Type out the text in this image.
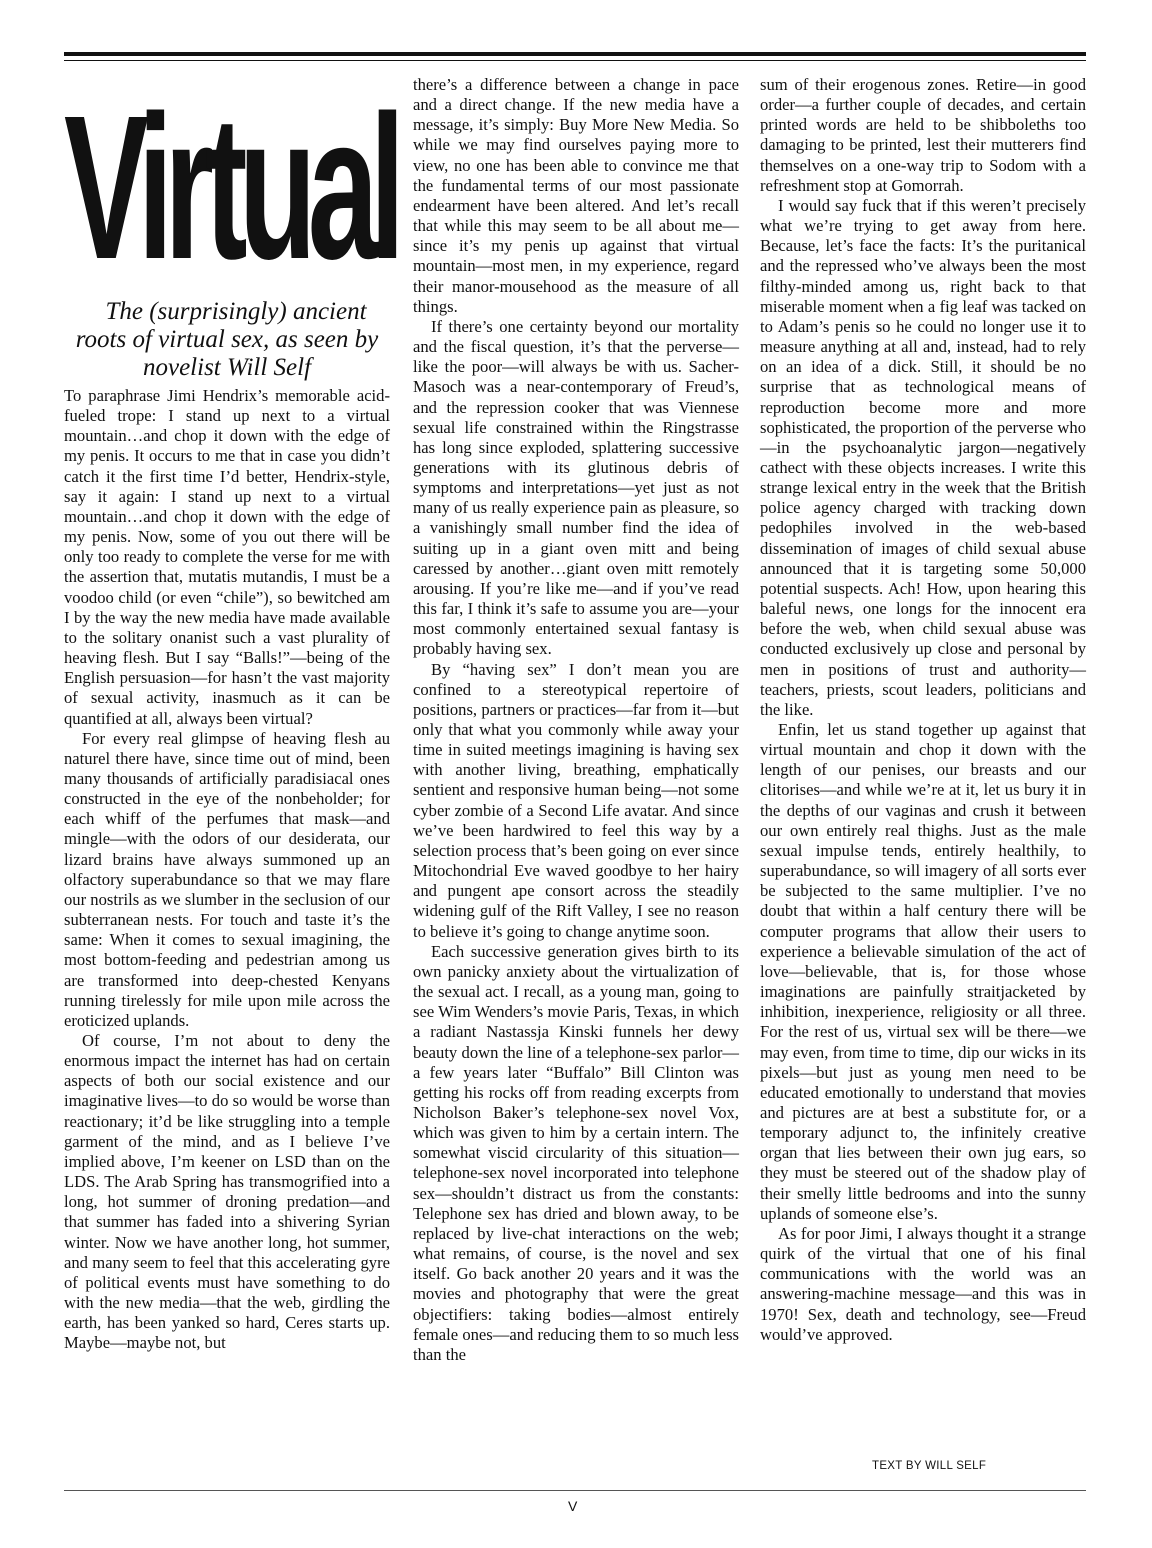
Virtual

The (surprisingly) ancient roots of virtual sex, as seen by novelist Will Self

To paraphrase Jimi Hendrix’s memorable acid-fueled trope: I stand up next to a virtual mountain…and chop it down with the edge of my penis. It occurs to me that in case you didn’t catch it the first time I’d better, Hendrix-style, say it again: I stand up next to a virtual mountain…and chop it down with the edge of my penis. Now, some of you out there will be only too ready to complete the verse for me with the assertion that, mutatis mutandis, I must be a voodoo child (or even “chile”), so bewitched am I by the way the new media have made available to the solitary onanist such a vast plurality of heaving flesh. But I say “Balls!”—being of the English persuasion—for hasn’t the vast majority of sexual activity, inasmuch as it can be quantified at all, always been virtual?

For every real glimpse of heaving flesh au naturel there have, since time out of mind, been many thousands of artificially paradisiacal ones constructed in the eye of the nonbeholder; for each whiff of the perfumes that mask—and mingle—with the odors of our desiderata, our lizard brains have always summoned up an olfactory superabundance so that we may flare our nostrils as we slumber in the seclusion of our subterranean nests. For touch and taste it’s the same: When it comes to sexual imagining, the most bottom-feeding and pedestrian among us are transformed into deep-chested Kenyans running tirelessly for mile upon mile across the eroticized uplands.

Of course, I’m not about to deny the enormous impact the internet has had on certain aspects of both our social existence and our imaginative lives—to do so would be worse than reactionary; it’d be like struggling into a temple garment of the mind, and as I believe I’ve implied above, I’m keener on LSD than on the LDS. The Arab Spring has transmogrified into a long, hot summer of droning predation—and that summer has faded into a shivering Syrian winter. Now we have another long, hot summer, and many seem to feel that this accelerating gyre of political events must have something to do with the new media—that the web, girdling the earth, has been yanked so hard, Ceres starts up. Maybe—maybe not, but

there’s a difference between a change in pace and a direct change. If the new media have a message, it’s simply: Buy More New Media. So while we may find ourselves paying more to view, no one has been able to convince me that the fundamental terms of our most passionate endearment have been altered. And let’s recall that while this may seem to be all about me—since it’s my penis up against that virtual mountain—most men, in my experience, regard their manor-mousehood as the measure of all things.

If there’s one certainty beyond our mortality and the fiscal question, it’s that the perverse—like the poor—will always be with us. Sacher-Masoch was a near-contemporary of Freud’s, and the repression cooker that was Viennese sexual life constrained within the Ringstrasse has long since exploded, splattering successive generations with its glutinous debris of symptoms and interpretations—yet just as not many of us really experience pain as pleasure, so a vanishingly small number find the idea of suiting up in a giant oven mitt and being caressed by another…giant oven mitt remotely arousing. If you’re like me—and if you’ve read this far, I think it’s safe to assume you are—your most commonly entertained sexual fantasy is probably having sex.

By “having sex” I don’t mean you are confined to a stereotypical repertoire of positions, partners or practices—far from it—but only that what you commonly while away your time in suited meetings imagining is having sex with another living, breathing, emphatically sentient and responsive human being—not some cyber zombie of a Second Life avatar. And since we’ve been hardwired to feel this way by a selection process that’s been going on ever since Mitochondrial Eve waved goodbye to her hairy and pungent ape consort across the steadily widening gulf of the Rift Valley, I see no reason to believe it’s going to change anytime soon.

Each successive generation gives birth to its own panicky anxiety about the virtualization of the sexual act. I recall, as a young man, going to see Wim Wenders’s movie Paris, Texas, in which a radiant Nastassja Kinski funnels her dewy beauty down the line of a telephone-sex parlor—a few years later “Buffalo” Bill Clinton was getting his rocks off from reading excerpts from Nicholson Baker’s telephone-sex novel Vox, which was given to him by a certain intern. The somewhat viscid circularity of this situation—telephone-sex novel incorporated into telephone sex—shouldn’t distract us from the constants: Telephone sex has dried and blown away, to be replaced by live-chat interactions on the web; what remains, of course, is the novel and sex itself. Go back another 20 years and it was the movies and photography that were the great objectifiers: taking bodies—almost entirely female ones—and reducing them to so much less than the

sum of their erogenous zones. Retire—in good order—a further couple of decades, and certain printed words are held to be shibboleths too damaging to be printed, lest their mutterers find themselves on a one-way trip to Sodom with a refreshment stop at Gomorrah.

I would say fuck that if this weren’t precisely what we’re trying to get away from here. Because, let’s face the facts: It’s the puritanical and the repressed who’ve always been the most filthy-minded among us, right back to that miserable moment when a fig leaf was tacked on to Adam’s penis so he could no longer use it to measure anything at all and, instead, had to rely on an idea of a dick. Still, it should be no surprise that as technological means of reproduction become more and more sophisticated, the proportion of the perverse who—in the psychoanalytic jargon—negatively cathect with these objects increases. I write this strange lexical entry in the week that the British police agency charged with tracking down pedophiles involved in the web-based dissemination of images of child sexual abuse announced that it is targeting some 50,000 potential suspects. Ach! How, upon hearing this baleful news, one longs for the innocent era before the web, when child sexual abuse was conducted exclusively up close and personal by men in positions of trust and authority—teachers, priests, scout leaders, politicians and the like.

Enfin, let us stand together up against that virtual mountain and chop it down with the length of our penises, our breasts and our clitorises—and while we’re at it, let us bury it in the depths of our vaginas and crush it between our own entirely real thighs. Just as the male sexual impulse tends, entirely healthily, to superabundance, so will imagery of all sorts ever be subjected to the same multiplier. I’ve no doubt that within a half century there will be computer programs that allow their users to experience a believable simulation of the act of love—believable, that is, for those whose imaginations are painfully straitjacketed by inhibition, inexperience, religiosity or all three. For the rest of us, virtual sex will be there—we may even, from time to time, dip our wicks in its pixels—but just as young men need to be educated emotionally to understand that movies and pictures are at best a substitute for, or a temporary adjunct to, the infinitely creative organ that lies between their own jug ears, so they must be steered out of the shadow play of their smelly little bedrooms and into the sunny uplands of someone else’s.

As for poor Jimi, I always thought it a strange quirk of the virtual that one of his final communications with the world was an answering-machine message—and this was in 1970! Sex, death and technology, see—Freud would’ve approved.

TEXT BY WILL SELF
V
